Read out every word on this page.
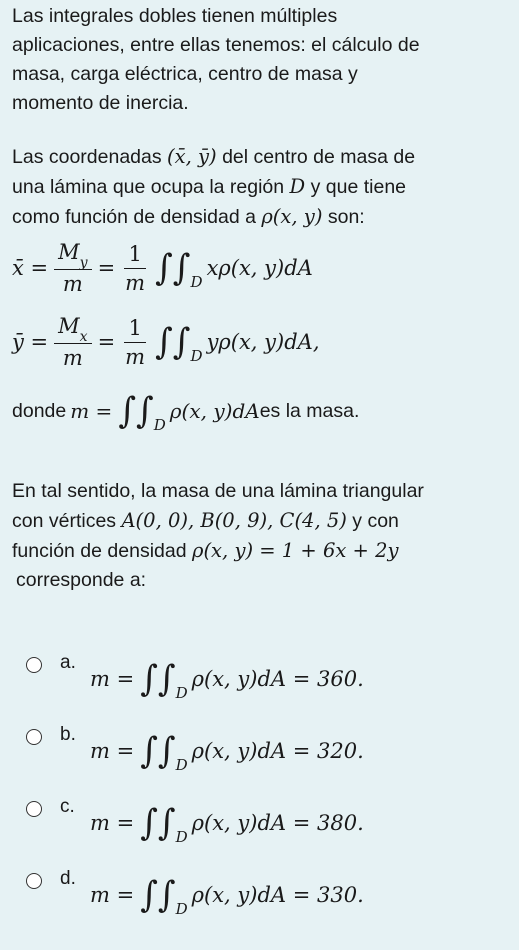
Las integrales dobles tienen múltiples
aplicaciones, entre ellas tenemos: el cálculo de
masa, carga eléctrica, centro de masa y
momento de inercia.
Las coordenadas (x̄, ȳ) del centro de masa de
una lámina que ocupa la región D y que tiene
como función de densidad a ρ(x, y) son:
x̄ = $\frac{M_y}{m} = \frac{1}{m}$ ∫∫ D
xρ(x, y)dA
ȳ = $\frac{M_x}{m} = \frac{1}{m}$ ∫∫ D
yρ(x, y)dA,
donde m = ∫∫ D
ρ(x, y)dA es la masa.
En tal sentido, la masa de una lámina triangular
con vértices A(0, 0), B(0, 9), C(4, 5) y con
función de densidad ρ(x, y) = 1 + 6x + 2y
corresponde a:
a.
m = ∫∫ D
ρ(x, y)dA = 360.
b.
m = ∫∫ D
ρ(x, y)dA = 320.
c.
m = ∫∫ D
ρ(x, y)dA = 380.
d.
m = ∫∫ D
ρ(x, y)dA = 330.
